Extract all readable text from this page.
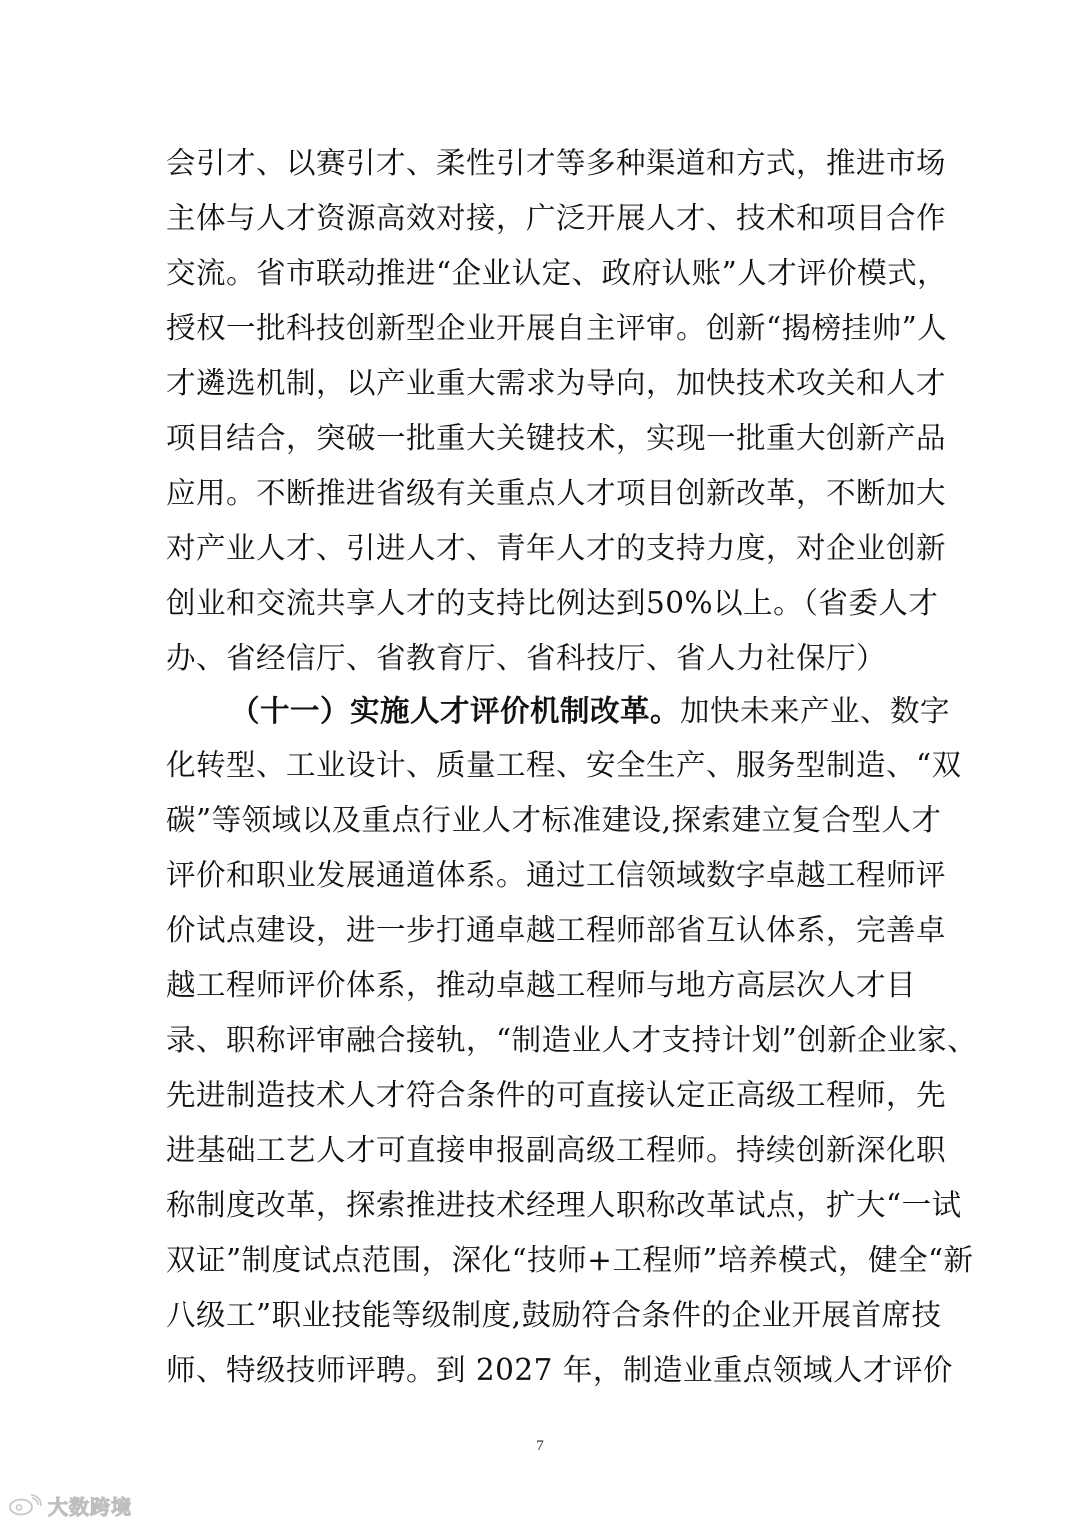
会引才、以赛引才、柔性引才等多种渠道和方式，推进市场
主体与人才资源高效对接，广泛开展人才、技术和项目合作
交流。省市联动推进“企业认定、政府认账”人才评价模式，
授权一批科技创新型企业开展自主评审。创新“揭榜挂帅”人
才遴选机制，以产业重大需求为导向，加快技术攻关和人才
项目结合，突破一批重大关键技术，实现一批重大创新产品
应用。不断推进省级有关重点人才项目创新改革，不断加大
对产业人才、引进人才、青年人才的支持力度，对企业创新
创业和交流共享人才的支持比例达到50%以上。（省委人才
办、省经信厅、省教育厅、省科技厅、省人力社保厅）
（十一）实施人才评价机制改革。加快未来产业、数字
化转型、工业设计、质量工程、安全生产、服务型制造、“双
碳”等领域以及重点行业人才标准建设,探索建立复合型人才
评价和职业发展通道体系。通过工信领域数字卓越工程师评
价试点建设，进一步打通卓越工程师部省互认体系，完善卓
越工程师评价体系，推动卓越工程师与地方高层次人才目
录、职称评审融合接轨，“制造业人才支持计划”创新企业家、
先进制造技术人才符合条件的可直接认定正高级工程师，先
进基础工艺人才可直接申报副高级工程师。持续创新深化职
称制度改革，探索推进技术经理人职称改革试点，扩大“一试
双证”制度试点范围，深化“技师+工程师”培养模式，健全“新
八级工”职业技能等级制度,鼓励符合条件的企业开展首席技
师、特级技师评聘。到 2027 年，制造业重点领域人才评价
7
大数跨境
